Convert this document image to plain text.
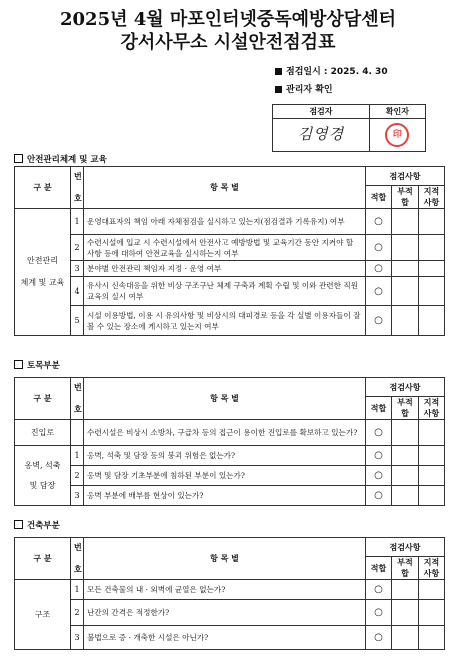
2025년 4월 마포인터넷중독예방상담센터
강서사무소 시설안전점검표
점검일시 : 2025. 4. 30
관리자 확인
점검자	확인자
김영경	印
안전관리체계 및 교육
구 분	번

호	항 목 별	점검사항		
			적합	부적합	지적사항
안전관리
체계 및 교육	1	운영대표자의 책임 아래 자체점검을 실시하고 있는지(점검결과 기록유지) 여부	○		
	2	수련시설에 입교 시 수련시설에서 안전사고 예방방법 및 교육기간 동안 지켜야 할 사항 등에 대하여 안전교육을 실시하는지 여부	○		
	3	분야별 안전관리 책임자 지정 · 운영 여부	○		
	4	유사시 신속대응을 위한 비상 구조구난 체제 구축과 계획 수립 및 이와 관련한 직원 교육의 실시 여부	○		
	5	시설 이용방법, 이용 시 유의사항 및 비상시의 대피경로 등을 각 실별 이용자들이 잘 볼 수 있는 장소에 게시하고 있는지 여부	○		
토목부분
구 분	번

호	항 목 별	점검사항		
			적합	부적합	지적사항
진입로		수련시설은 비상시 소방차, 구급차 등의 접근이 용이한 진입로를 확보하고 있는가?	○		
옹벽, 석축
및 담장	1	옹벽, 석축 및 담장 등의 붕괴 위험은 없는가?	○		
	2	옹벽 및 담장 기초부분에 침하된 부분이 있는가?	○		
	3	옹벽 부분에 배부름 현상이 있는가?	○		
건축부분
구 분	번

호	항 목 별	점검사항		
			적합	부적합	지적사항
구조	1	모든 건축물의 내 · 외벽에 균열은 없는가?	○		
	2	난간의 간격은 적정한가?	○		
	3	불법으로 증 · 개축한 시설은 아닌가?	○		
